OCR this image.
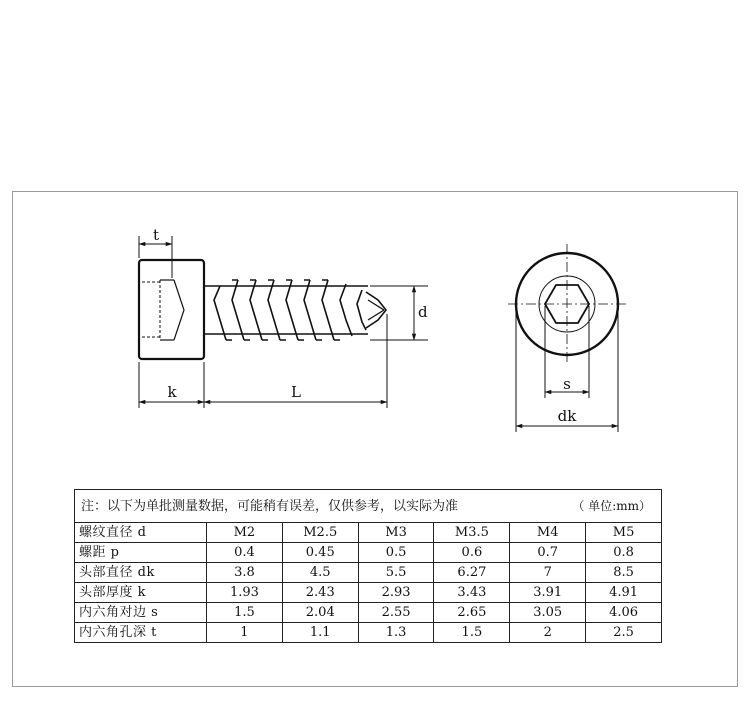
t
k	L
d
s
dk
注：以下为单批测量数据，可能稍有误差，仅供参考，以实际为准 （ 单位:mm）						

螺纹直径 d	M2	M2.5	M3	M3.5	M4	M5
螺距 p	0.4	0.45	0.5	0.6	0.7	0.8
头部直径 dk	3.8	4.5	5.5	6.27	7	8.5
头部厚度 k	1.93	2.43	2.93	3.43	3.91	4.91
内六角对边 s	1.5	2.04	2.55	2.65	3.05	4.06
内六角孔深 t	1	1.1	1.3	1.5	2	2.5
